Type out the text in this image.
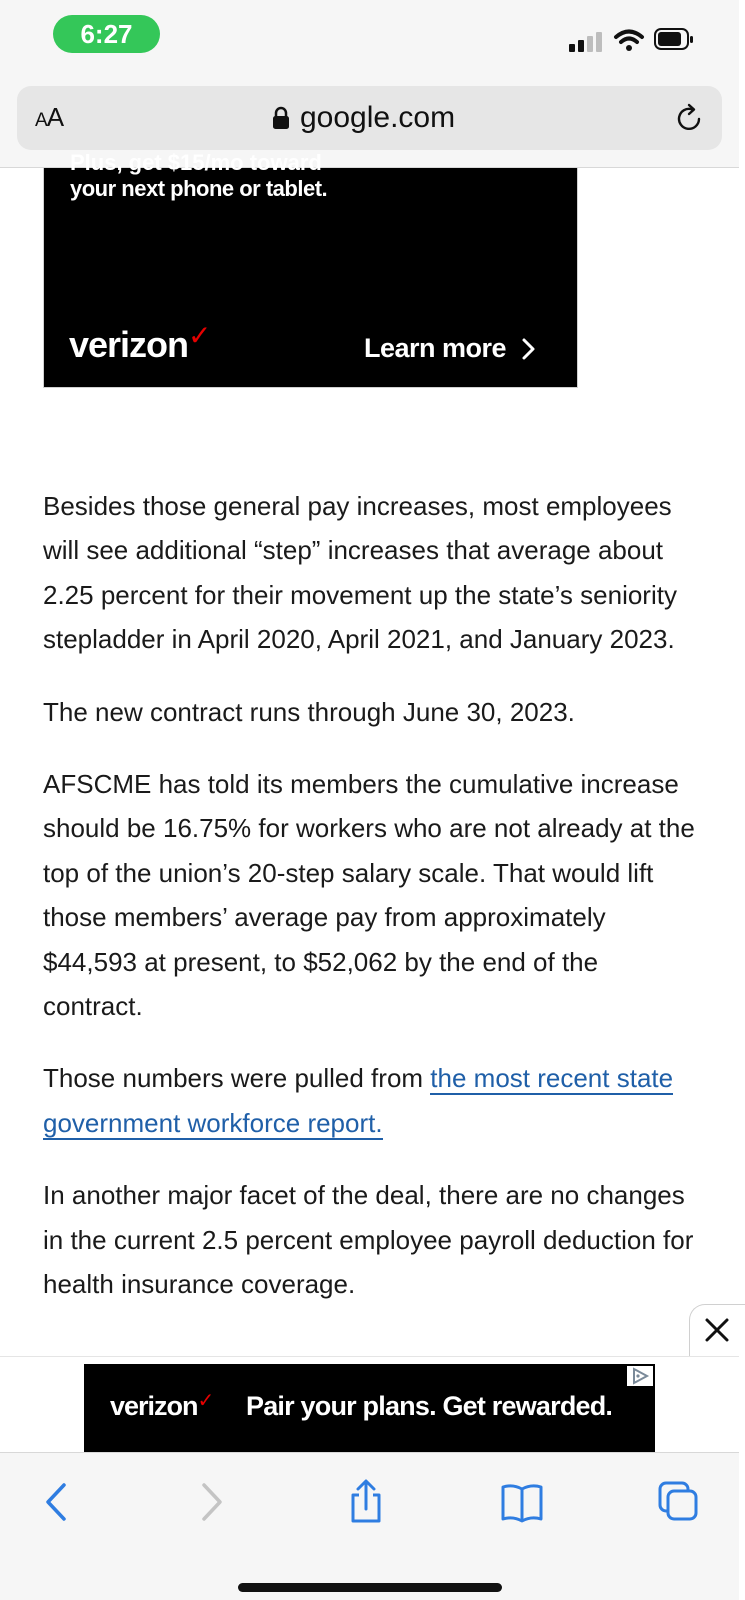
6:27
AA	google.com
Plus, get $15/mo toward
your next phone or tablet.
verizon✓	Learn more

Besides those general pay increases, most employees will see additional “step” increases that average about 2.25 percent for their movement up the state’s seniority stepladder in April 2020, April 2021, and January 2023.

The new contract runs through June 30, 2023.

AFSCME has told its members the cumulative increase should be 16.75% for workers who are not already at the top of the union’s 20-step salary scale. That would lift those members’ average pay from approximately $44,593 at present, to $52,062 by the end of the contract.

Those numbers were pulled from the most recent state government workforce report.

In another major facet of the deal, there are no changes in the current 2.5 percent employee payroll deduction for health insurance coverage.

verizon✓ Pair your plans. Get rewarded.
